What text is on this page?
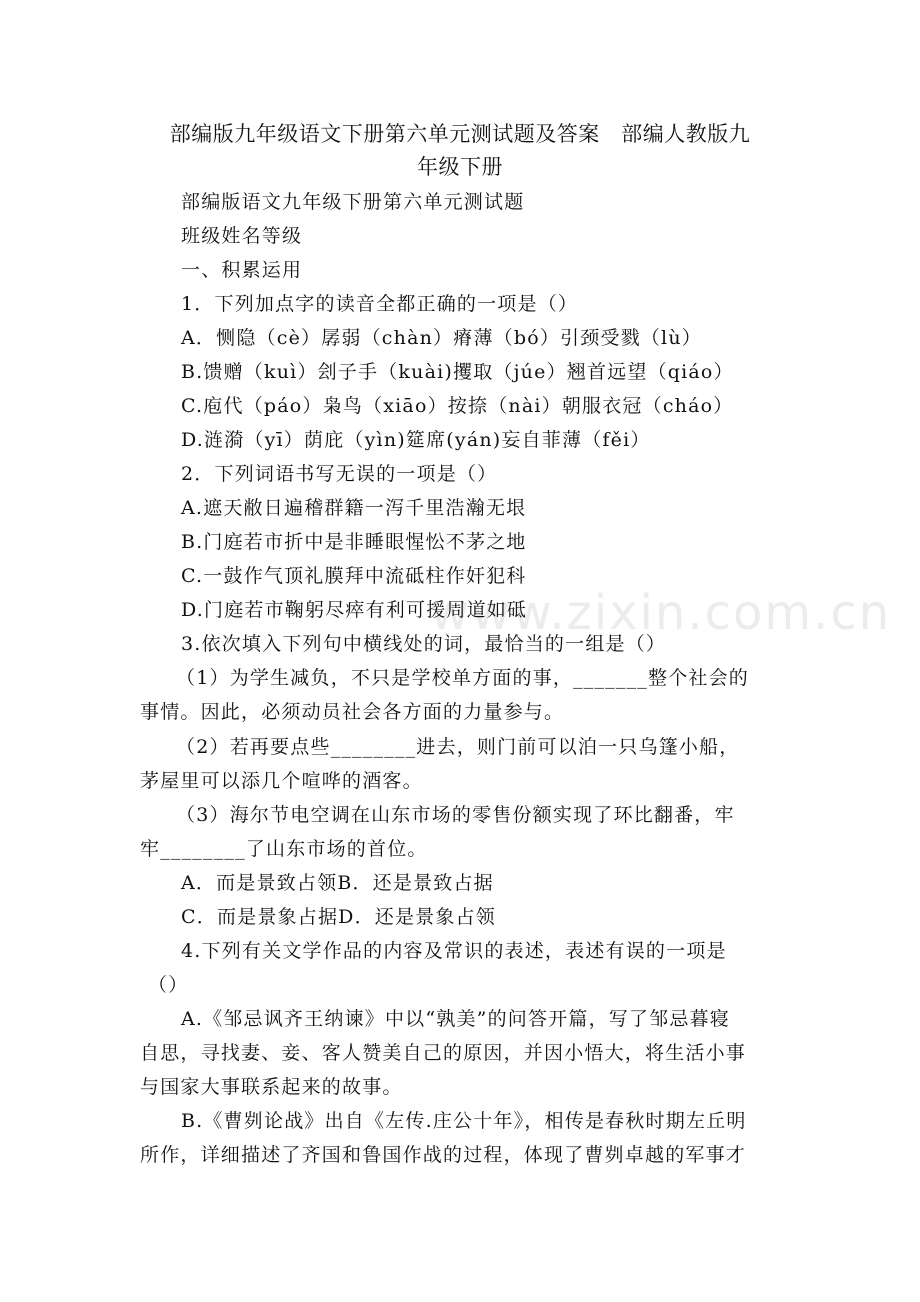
www.zixin.com.cn
部编版九年级语文下册第六单元测试题及答案　部编人教版九
年级下册
部编版语文九年级下册第六单元测试题
班级姓名等级
一、积累运用
1．下列加点字的读音全都正确的一项是（）
A．恻隐（cè）孱弱（chàn）瘠薄（bó）引颈受戮（lù）
B.馈赠（kuì）刽子手（kuài)攫取（júe）翘首远望（qiáo）
C.庖代（páo）枭鸟（xiāo）按捺（nài）朝服衣冠（cháo）
D.涟漪（yī）荫庇（yìn)筵席(yán)妄自菲薄（fěi）
2．下列词语书写无误的一项是（）
A.遮天敝日遍稽群籍一泻千里浩瀚无垠
B.门庭若市折中是非睡眼惺忪不茅之地
C.一鼓作气顶礼膜拜中流砥柱作奸犯科
D.门庭若市鞠躬尽瘁有利可援周道如砥
3.依次填入下列句中横线处的词，最恰当的一组是（）
（1）为学生减负，不只是学校单方面的事，_______整个社会的
事情。因此，必须动员社会各方面的力量参与。
（2）若再要点些________进去，则门前可以泊一只乌篷小船，
茅屋里可以添几个喧哗的酒客。
（3）海尔节电空调在山东市场的零售份额实现了环比翻番，牢
牢________了山东市场的首位。
A．而是景致占领B．还是景致占据
C．而是景象占据D．还是景象占领
4.下列有关文学作品的内容及常识的表述，表述有误的一项是
（）
A.《邹忌讽齐王纳谏》中以“孰美”的问答开篇，写了邹忌暮寝
自思，寻找妻、妾、客人赞美自己的原因，并因小悟大，将生活小事
与国家大事联系起来的故事。
B.《曹刿论战》出自《左传.庄公十年》，相传是春秋时期左丘明
所作，详细描述了齐国和鲁国作战的过程，体现了曹刿卓越的军事才
